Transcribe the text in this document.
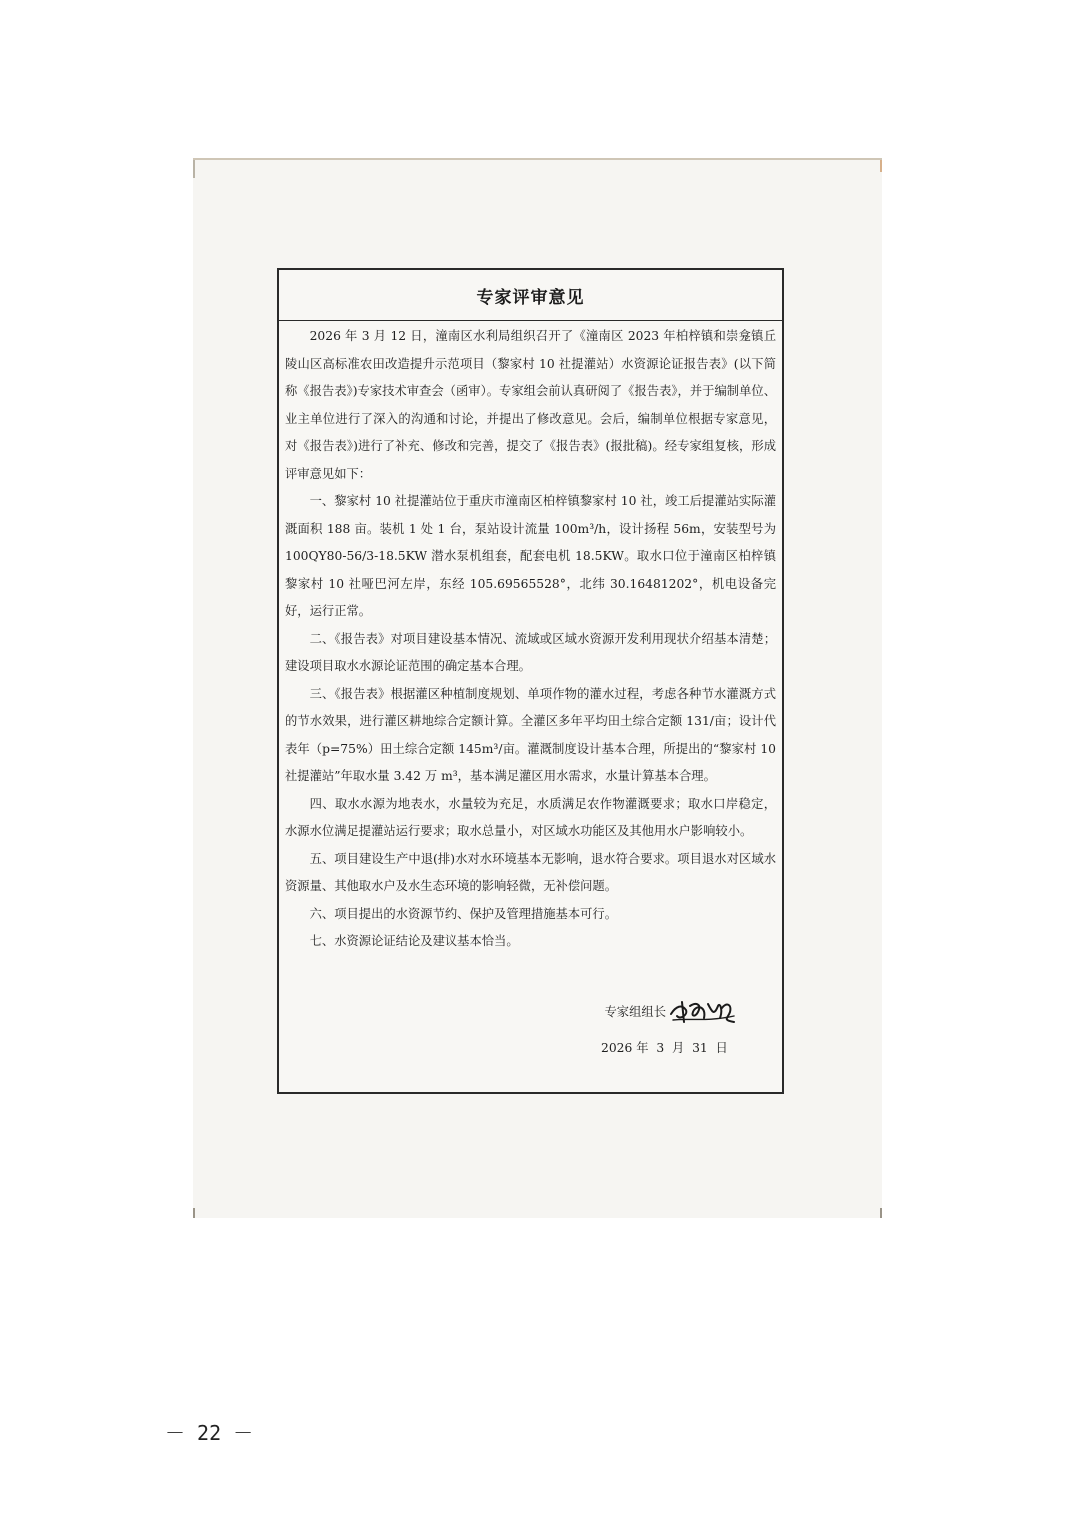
专家评审意见

2026 年 3 月 12 日，潼南区水利局组织召开了《潼南区 2023 年柏梓镇和崇龛镇丘陵山区高标准农田改造提升示范项目（黎家村 10 社提灌站）水资源论证报告表》(以下简称《报告表》)专家技术审查会（函审）。专家组会前认真研阅了《报告表》，并于编制单位、业主单位进行了深入的沟通和讨论，并提出了修改意见。会后，编制单位根据专家意见，对《报告表》)进行了补充、修改和完善，提交了《报告表》(报批稿)。经专家组复核，形成评审意见如下：

一、黎家村 10 社提灌站位于重庆市潼南区柏梓镇黎家村 10 社，竣工后提灌站实际灌溉面积 188 亩。装机 1 处 1 台，泵站设计流量 100m³/h，设计扬程 56m，安装型号为 100QY80-56/3-18.5KW 潜水泵机组套，配套电机 18.5KW。取水口位于潼南区柏梓镇黎家村 10 社哑巴河左岸，东经 105.69565528°，北纬 30.16481202°，机电设备完好，运行正常。

二、《报告表》对项目建设基本情况、流域或区域水资源开发利用现状介绍基本清楚；建设项目取水水源论证范围的确定基本合理。

三、《报告表》根据灌区种植制度规划、单项作物的灌水过程，考虑各种节水灌溉方式的节水效果，进行灌区耕地综合定额计算。全灌区多年平均田土综合定额 131/亩；设计代表年（p=75%）田土综合定额 145m³/亩。灌溉制度设计基本合理，所提出的“黎家村 10 社提灌站”年取水量 3.42 万 m³，基本满足灌区用水需求，水量计算基本合理。

四、取水水源为地表水，水量较为充足，水质满足农作物灌溉要求；取水口岸稳定，水源水位满足提灌站运行要求；取水总量小，对区域水功能区及其他用水户影响较小。

五、项目建设生产中退(排)水对水环境基本无影响，退水符合要求。项目退水对区域水资源量、其他取水户及水生态环境的影响轻微，无补偿问题。

六、项目提出的水资源节约、保护及管理措施基本可行。

七、水资源论证结论及建议基本恰当。

专家组组长
2026 年  3  月  31  日
－ 22 －
